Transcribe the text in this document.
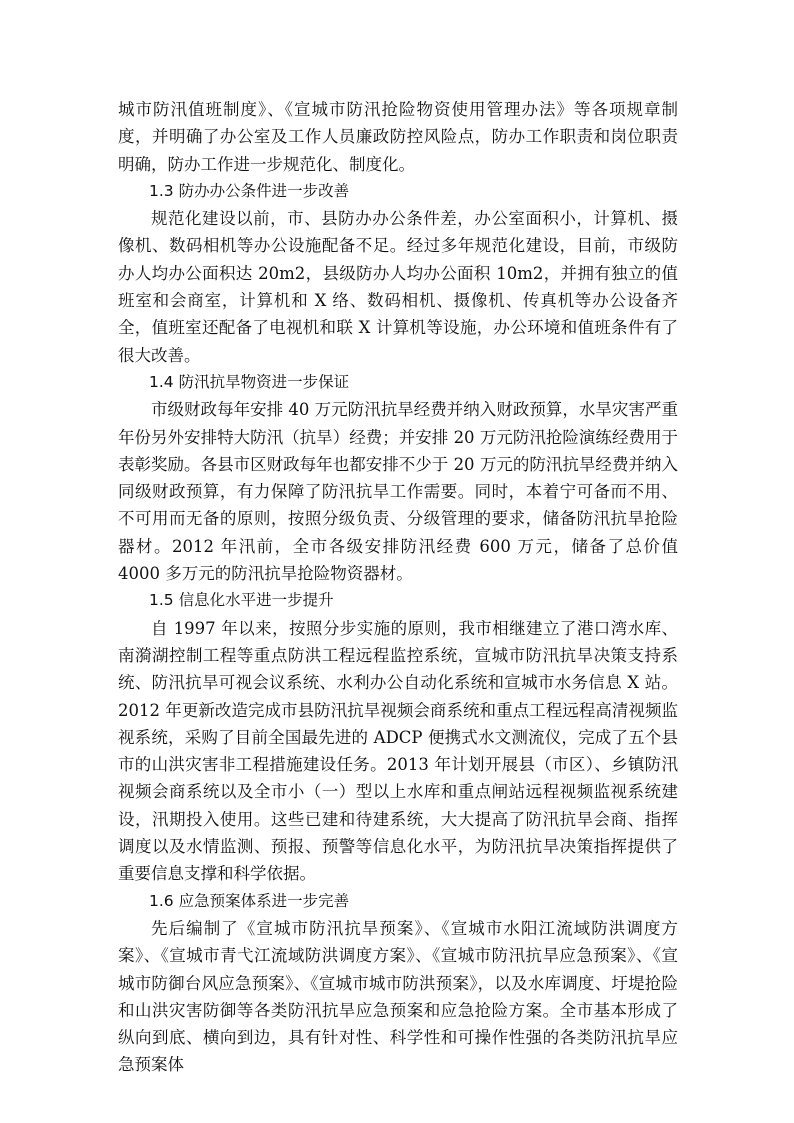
城市防汛值班制度》、《宣城市防汛抢险物资使用管理办法》等各项规章制度，并明确了办公室及工作人员廉政防控风险点，防办工作职责和岗位职责明确，防办工作进一步规范化、制度化。

1.3 防办办公条件进一步改善

规范化建设以前，市、县防办办公条件差，办公室面积小，计算机、摄像机、数码相机等办公设施配备不足。经过多年规范化建设，目前，市级防办人均办公面积达 20m2，县级防办人均办公面积 10m2，并拥有独立的值班室和会商室，计算机和 X 络、数码相机、摄像机、传真机等办公设备齐全，值班室还配备了电视机和联 X 计算机等设施，办公环境和值班条件有了很大改善。

1.4 防汛抗旱物资进一步保证

市级财政每年安排 40 万元防汛抗旱经费并纳入财政预算，水旱灾害严重年份另外安排特大防汛（抗旱）经费；并安排 20 万元防汛抢险演练经费用于表彰奖励。各县市区财政每年也都安排不少于 20 万元的防汛抗旱经费并纳入同级财政预算，有力保障了防汛抗旱工作需要。同时，本着宁可备而不用、不可用而无备的原则，按照分级负责、分级管理的要求，储备防汛抗旱抢险器材。2012 年汛前，全市各级安排防汛经费 600 万元，储备了总价值 4000 多万元的防汛抗旱抢险物资器材。

1.5 信息化水平进一步提升

自 1997 年以来，按照分步实施的原则，我市相继建立了港口湾水库、南漪湖控制工程等重点防洪工程远程监控系统，宣城市防汛抗旱决策支持系统、防汛抗旱可视会议系统、水利办公自动化系统和宣城市水务信息 X 站。2012 年更新改造完成市县防汛抗旱视频会商系统和重点工程远程高清视频监视系统，采购了目前全国最先进的 ADCP 便携式水文测流仪，完成了五个县市的山洪灾害非工程措施建设任务。2013 年计划开展县（市区）、乡镇防汛视频会商系统以及全市小（一）型以上水库和重点闸站远程视频监视系统建设，汛期投入使用。这些已建和待建系统，大大提高了防汛抗旱会商、指挥调度以及水情监测、预报、预警等信息化水平，为防汛抗旱决策指挥提供了重要信息支撑和科学依据。

1.6 应急预案体系进一步完善

先后编制了《宣城市防汛抗旱预案》、《宣城市水阳江流域防洪调度方案》、《宣城市青弋江流域防洪调度方案》、《宣城市防汛抗旱应急预案》、《宣城市防御台风应急预案》、《宣城市城市防洪预案》，以及水库调度、圩堤抢险和山洪灾害防御等各类防汛抗旱应急预案和应急抢险方案。全市基本形成了纵向到底、横向到边，具有针对性、科学性和可操作性强的各类防汛抗旱应急预案体
